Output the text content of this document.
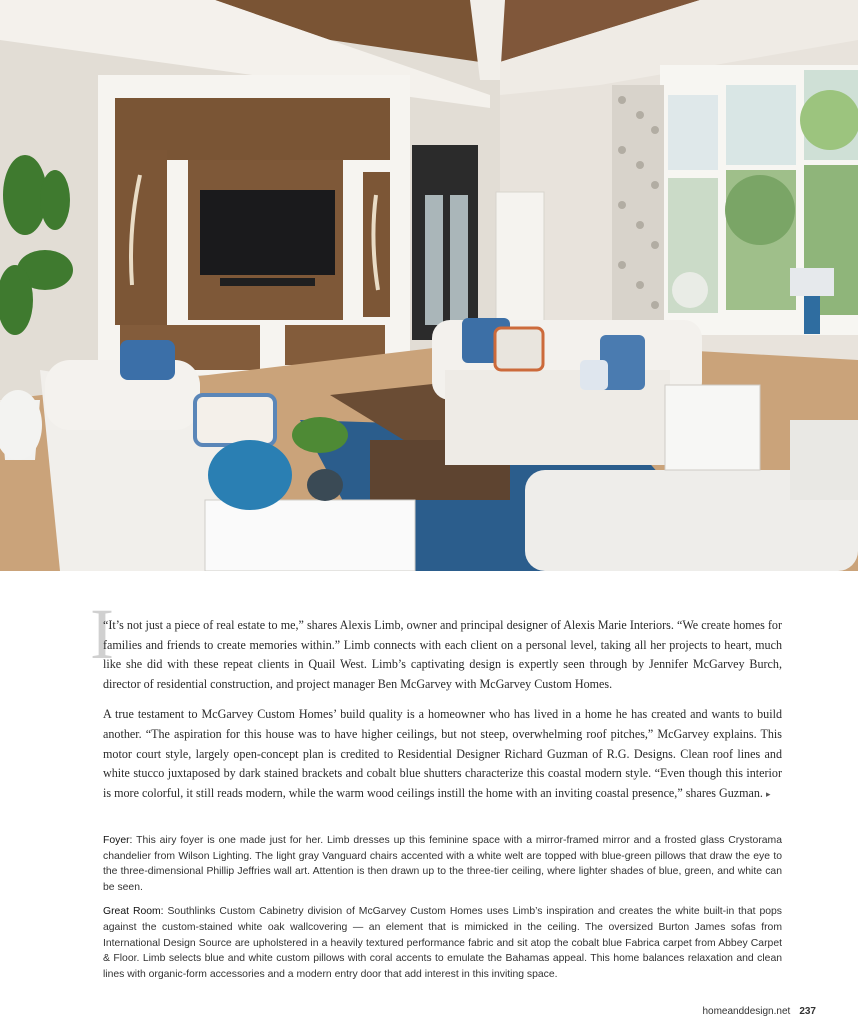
I

“It’s not just a piece of real estate to me,” shares Alexis Limb, owner and principal designer of Alexis Marie Interiors. “We create homes for families and friends to create memories within.” Limb connects with each client on a personal level, taking all her projects to heart, much like she did with these repeat clients in Quail West. Limb’s captivating design is expertly seen through by Jennifer McGarvey Burch, director of residential construction, and project manager Ben McGarvey with McGarvey Custom Homes.

A true testament to McGarvey Custom Homes’ build quality is a homeowner who has lived in a home he has created and wants to build another. “The aspiration for this house was to have higher ceilings, but not steep, overwhelming roof pitches,” McGarvey explains. This motor court style, largely open-concept plan is credited to Residential Designer Richard Guzman of R.G. Designs. Clean roof lines and white stucco juxtaposed by dark stained brackets and cobalt blue shutters characterize this coastal modern style. “Even though this interior is more colorful, it still reads modern, while the warm wood ceilings instill the home with an inviting coastal presence,” shares Guzman. ▸

Foyer: This airy foyer is one made just for her. Limb dresses up this feminine space with a mirror-framed mirror and a frosted glass Crystorama chandelier from Wilson Lighting. The light gray Vanguard chairs accented with a white welt are topped with blue-green pillows that draw the eye to the three-dimensional Phillip Jeffries wall art. Attention is then drawn up to the three-tier ceiling, where lighter shades of blue, green, and white can be seen.

Great Room: Southlinks Custom Cabinetry division of McGarvey Custom Homes uses Limb’s inspiration and creates the white built-in that pops against the custom-stained white oak wallcovering — an element that is mimicked in the ceiling. The oversized Burton James sofas from International Design Source are upholstered in a heavily textured performance fabric and sit atop the cobalt blue Fabrica carpet from Abbey Carpet & Floor. Limb selects blue and white custom pillows with coral accents to emulate the Bahamas appeal. This home balances relaxation and clean lines with organic-form accessories and a modern entry door that add interest in this inviting space.

homeanddesign.net 237
